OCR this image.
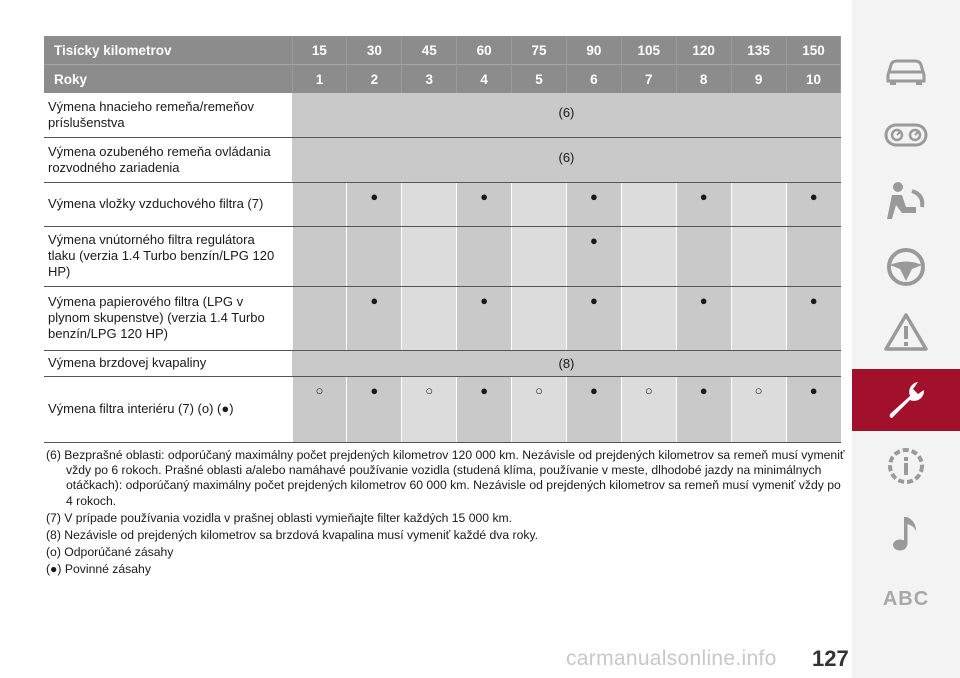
Tisícky kilometrov	15	30	45	60	75	90	105	120	135	150
Roky	1	2	3	4	5	6	7	8	9	10
Výmena hnacieho remeňa/remeňov príslušenstva	(6)									
Výmena ozubeného remeňa ovládania rozvodného zariadenia	(6)									
Výmena vložky vzduchového filtra (7)		●		●		●		●		●
Výmena vnútorného filtra regulátora tlaku (verzia 1.4 Turbo benzín/LPG 120 HP)						●				
Výmena papierového filtra (LPG v plynom skupenstve) (verzia 1.4 Turbo benzín/LPG 120 HP)		●		●		●		●		●
Výmena brzdovej kvapaliny	(8)									
Výmena filtra interiéru (7) (o) (●)	○	●	○	●	○	●	○	●	○	●

(6) Bezprašné oblasti: odporúčaný maximálny počet prejdených kilometrov 120 000 km. Nezávisle od prejdených kilometrov sa remeň musí vymeniť
vždy po 6 rokoch. Prašné oblasti a/alebo namáhavé používanie vozidla (studená klíma, používanie v meste, dlhodobé jazdy na minimálnych otáčkach): odporúčaný maximálny počet prejdených kilometrov 60 000 km. Nezávisle od prejdených kilometrov sa remeň musí vymeniť vždy po 4 rokoch.

(7) V prípade používania vozidla v prašnej oblasti vymieňajte filter každých 15 000 km.

(8) Nezávisle od prejdených kilometrov sa brzdová kvapalina musí vymeniť každé dva roky.

(o) Odporúčané zásahy

(●) Povinné zásahy

ABC
carmanualsonline.info 127
